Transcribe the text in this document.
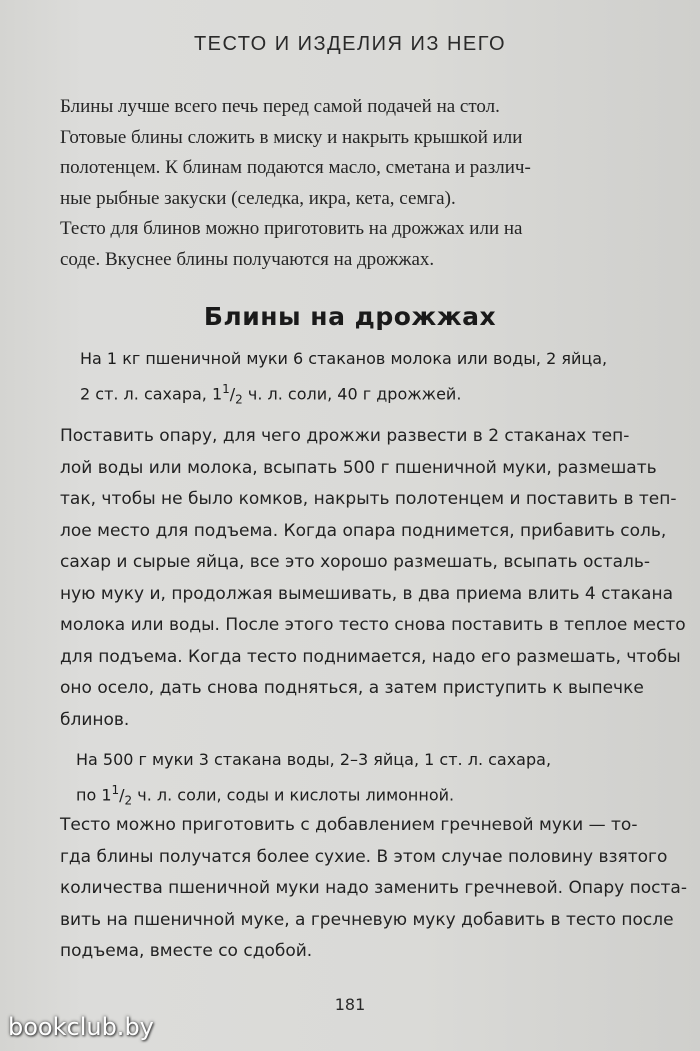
ТЕСТО И ИЗДЕЛИЯ ИЗ НЕГО
Блины лучше всего печь перед самой подачей на стол.
Готовые блины сложить в миску и накрыть крышкой или
полотенцем. К блинам подаются масло, сметана и различ-
ные рыбные закуски (селедка, икра, кета, семга).
Тесто для блинов можно приготовить на дрожжах или на
соде. Вкуснее блины получаются на дрожжах.
Блины на дрожжах
На 1 кг пшеничной муки 6 стаканов молока или воды, 2 яйца,
2 ст. л. сахара, $1^1/_2$ ч. л. соли, 40 г дрожжей.
Поставить опару, для чего дрожжи развести в 2 стаканах теп-
лой воды или молока, всыпать 500 г пшеничной муки, размешать
так, чтобы не было комков, накрыть полотенцем и поставить в теп-
лое место для подъема. Когда опара поднимется, прибавить соль,
сахар и сырые яйца, все это хорошо размешать, всыпать осталь-
ную муку и, продолжая вымешивать, в два приема влить 4 стакана
молока или воды. После этого тесто снова поставить в теплое место
для подъема. Когда тесто поднимается, надо его размешать, чтобы
оно осело, дать снова подняться, а затем приступить к выпечке
блинов.
На 500 г муки 3 стакана воды, 2–3 яйца, 1 ст. л. сахара,
по $1^1/_2$ ч. л. соли, соды и кислоты лимонной.
Тесто можно приготовить с добавлением гречневой муки — то-
гда блины получатся более сухие. В этом случае половину взятого
количества пшеничной муки надо заменить гречневой. Опару поста-
вить на пшеничной муке, а гречневую муку добавить в тесто после
подъема, вместе со сдобой.
181
bookclub.by
